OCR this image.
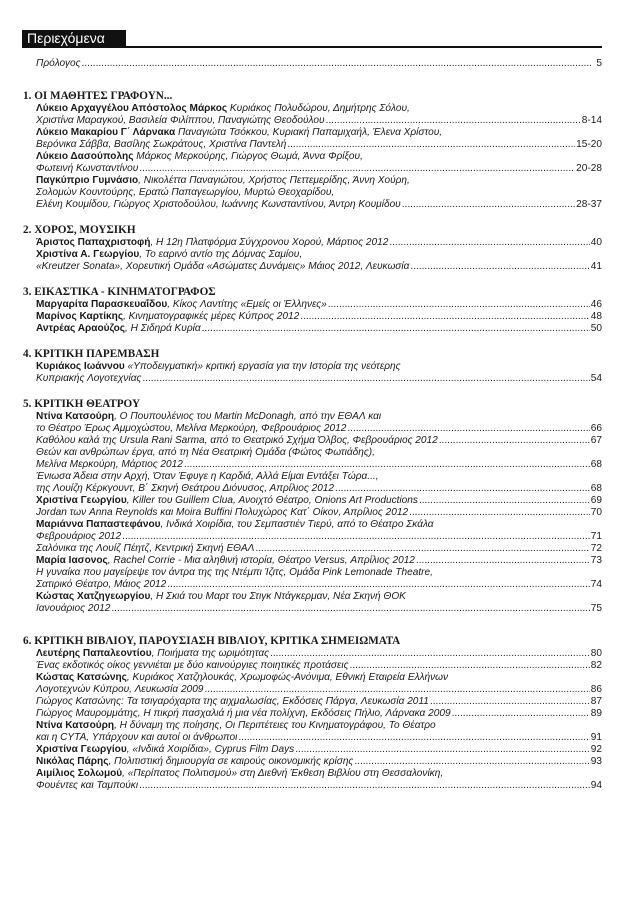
Περιεχόμενα
Πρόλογος .....	5
1. ΟΙ ΜΑΘΗΤΕΣ ΓΡΑΦΟΥΝ...
Λύκειο Αρχαγγέλου Απόστολος Μάρκος Κυριάκος Πολυδώρου, Δημήτρης Σόλου,
Χριστίνα Μαραγκού, Βασιλεία Φιλίππου, Παναγιώτης Θεοδούλου .....	8-14
Λύκειο Μακαρίου Γ΄ Λάρνακα Παναγιώτα Τσόκκου, Κυριακή Παπαμιχαήλ, Έλενα Χρίστου,
Βερόνικα Σάββα, Βασίλης Σωκράτους, Χριστίνα Παντελή .....	15-20
Λύκειο Δασούπολης Μάρκος Μερκούρης, Γιώργος Θωμά, Άννα Φρίξου,
Φωτεινή Κωνσταντίνου .....	20-28
Παγκύπριο Γυμνάσιο, Νικολέττα Παναγιώτου, Χρήστος Πεττεμερίδης, Άννη Χούρη,
Σολομών Κουντούρης, Ερατώ Παπαγεωργίου, Μυρτώ Θεοχαρίδου,
Ελένη Κουμίδου, Γιώργος Χριστοδούλου, Ιωάννης Κωνσταντίνου, Άντρη Κουμίδου .....	28-37
2. ΧΟΡΟΣ, ΜΟΥΣΙΚΗ
Άριστος Παπαχριστοφή, Η 12η Πλατφόρμα Σύγχρονου Χορού, Μάρτιος 2012 .....	40
Χριστίνα Α. Γεωργίου, Το εαρινό αντίο της Δόμνας Σαμίου,
«Kreutzer Sonata», Χορευτική Ομάδα «Ασώματες Δυνάμεις» Μάιος 2012, Λευκωσία .....	41
3. ΕΙΚΑΣΤΙΚΑ - ΚΙΝΗΜΑΤΟΓΡΑΦΟΣ
Μαργαρίτα Παρασκευαΐδου, Κίκος Λαντίτης «Εμείς οι Έλληνες» .....	46
Μαρίνος Καρτίκης, Κινηματογραφικές μέρες Κύπρος 2012 .....	48
Αντρέας Αραούζος, Η Σιδηρά Κυρία .....	50
4. ΚΡΙΤΙΚΗ ΠΑΡΕΜΒΑΣΗ
Κυριάκος Ιωάννου «Υποδειγματική» κριτική εργασία για την Ιστορία της νεότερης
Κυπριακής Λογοτεχνίας .....	54
5. ΚΡΙΤΙΚΗ ΘΕΑΤΡΟΥ
Ντίνα Κατσούρη, Ο Πουπουλένιος του Martin McDonagh, από την ΕΘΑΛ και
το Θέατρο Έρως Αμμοχώστου, Μελίνα Μερκούρη, Φεβρουάριος 2012 .....	66
Καθόλου καλά της Ursula Rani Sarma, από το Θεατρικό Σχήμα Όλβος, Φεβρουάριος 2012 .....	67
Θεών και ανθρώπων έργα, από τη Νέα Θεατρική Ομάδα (Φώτος Φωτιάδης),
Μελίνα Μερκούρη, Μάρτιος 2012 .....	68
Ένιωσα Άδεια στην Αρχή, Όταν Έφυγε η Καρδιά, Αλλά Είμαι Εντάξει Τώρα...,
της Λουίζη Κέρκγουντ, Β΄ Σκηνή Θεάτρου Διόνυσος, Απρίλιος 2012 .....	68
Χριστίνα Γεωργίου, Killer του Guillem Clua, Ανοιχτό Θέατρο, Onions Art Productions .....	69
Jordan των Anna Reynolds και Moira Buffini Πολυχώρος Κατ΄ Οίκον, Απρίλιος 2012 .....	70
Μαριάννα Παπαστεφάνου, Ινδικά Χοιρίδια, του Σεμπαστιέν Τιερύ, από το Θέατρο Σκάλα
Φεβρουάριος 2012 .....	71
Σαλόνικα της Λουίζ Πέητζ, Κεντρική Σκηνή ΕΘΑΛ .....	72
Μαρία Ιασονος, Rachel Corrie - Μια αληθινή ιστορία, Θέατρο Versus, Απρίλιος 2012 .....	73
Η γυναίκα που μαγείρεψε τον άντρα της της Ντέμπι Ίζιτς, Ομάδα Pink Lemonade Theatre,
Σατιρικό Θέατρο, Μάιος 2012 .....	74
Κώστας Χατζηγεωργίου, Η Σκιά του Μαρτ του Στιγκ Ντάγκερμαν, Νέα Σκηνή ΘΟΚ
Ιανουάριος 2012 .....	75
6. ΚΡΙΤΙΚΗ ΒΙΒΛΙΟΥ, ΠΑΡΟΥΣΙΑΣΗ ΒΙΒΛΙΟΥ, ΚΡΙΤΙΚΑ ΣΗΜΕΙΩΜΑΤΑ
Λευτέρης Παπαλεοντίου, Ποιήματα της ωριμότητας .....	80
Ένας εκδοτικός οίκος γεννιέται με δύο καινούργιες ποιητικές προτάσεις .....	82
Κώστας Κατσώνης, Κυριάκος Χατζηλουκάς, Χρωμοφώς-Ανόνιμα, Εθνική Εταιρεία Ελλήνων
Λογοτεχνών Κύπρου, Λευκωσία 2009 .....	86
Γιώργος Κατσώνης: Τα τσιγαρόχαρτα της αιχμαλωσίας, Εκδόσεις Πάργα, Λευκωσία 2011 .....	87
Γιώργος Μαυρομμάτης, Η πικρή πασχαλιά ή μια νέα πολίχνη, Εκδόσεις Πήλιο, Λάρνακα 2009 .....	89
Ντίνα Κατσούρη, Η δύναμη της ποίησης, Οι Περιπέτειες του Κινηματογράφου, Το Θέατρο
και η CYTA, Υπάρχουν και αυτοί οι άνθρωποι .....	91
Χριστίνα Γεωργίου, «Ινδικά Χοιρίδια», Cyprus Film Days .....	92
Νικόλας Πάρης, Πολιτιστική δημιουργία σε καιρούς οικονομικής κρίσης .....	93
Αιμίλιος Σολωμού, «Περίπατος Πολιτισμού» στη Διεθνή Έκθεση Βιβλίου στη Θεσσαλονίκη,
Φουέντες και Ταμπούκι .....	94
